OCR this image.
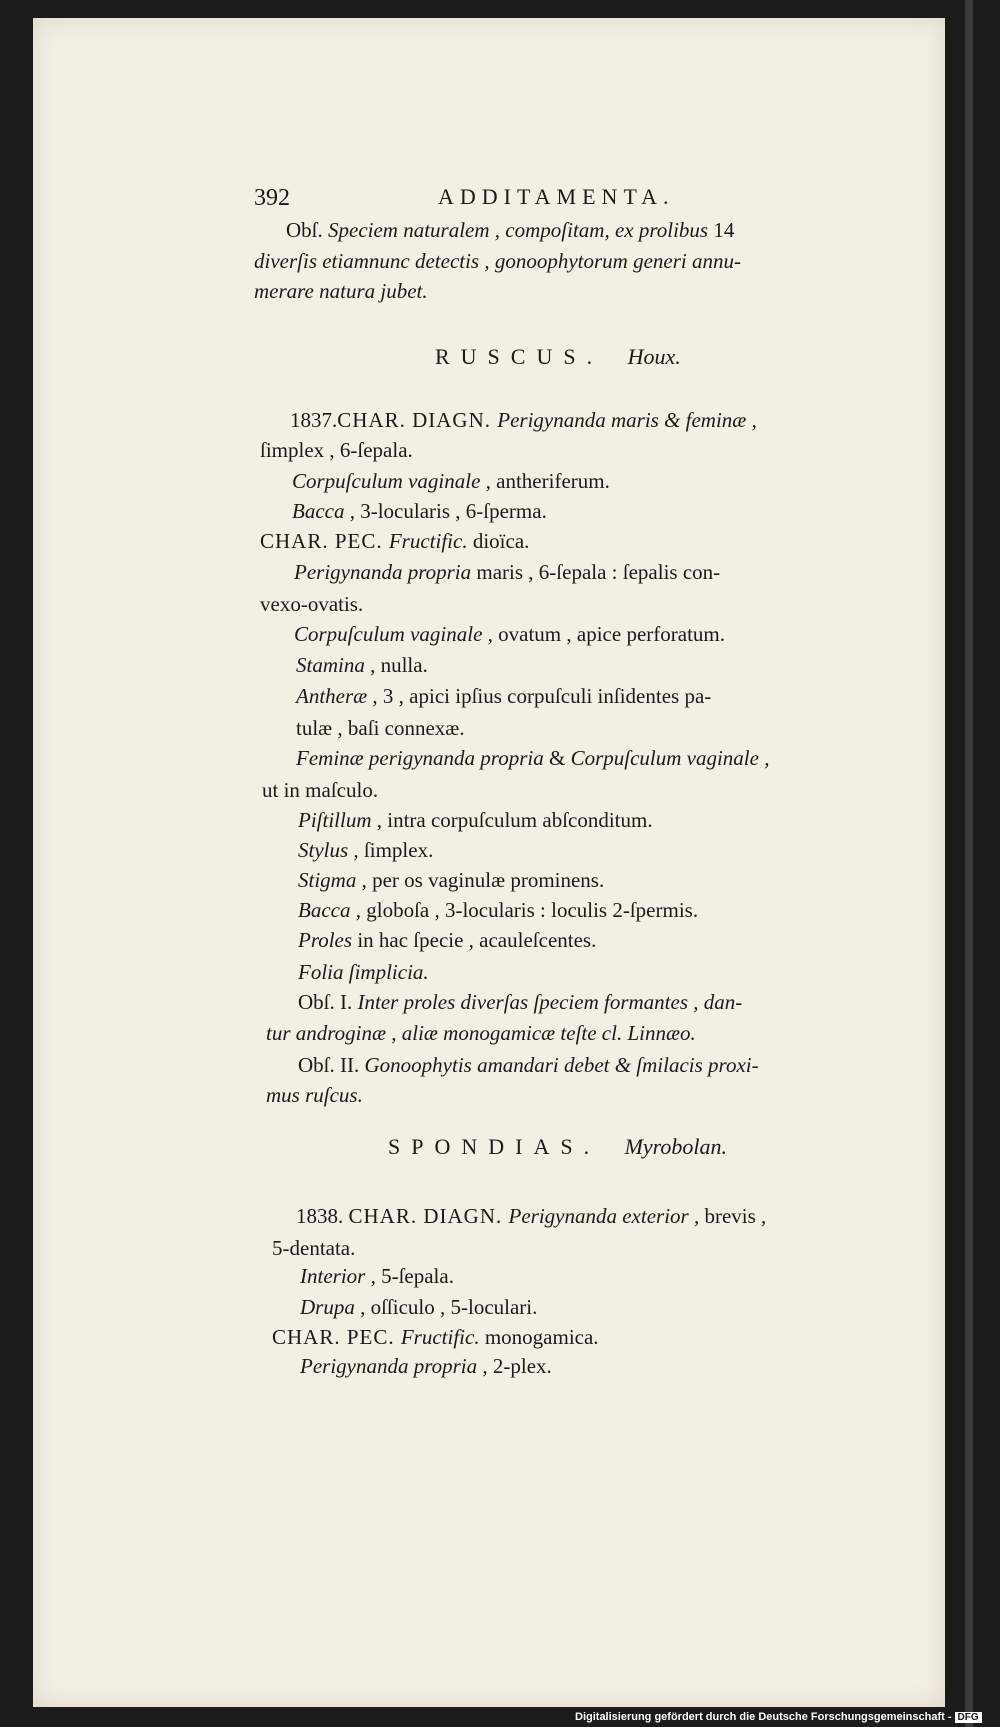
392	ADDITAMENTA.
RUSCUS. Houx.
SPONDIAS. Myrobolan.
Obſ. Speciem naturalem , compoſitam, ex prolibus 14
diverſis etiamnunc detectis , gonoophytorum generi annu-
merare natura jubet.
1837.CHAR. DIAGN. Perigynanda maris & feminæ ,
ſimplex , 6-ſepala.
Corpuſculum vaginale , antheriferum.
Bacca , 3-locularis , 6-ſperma.
CHAR. PEC. Fructific. dioïca.
Perigynanda propria maris , 6-ſepala : ſepalis con-
vexo-ovatis.
Corpuſculum vaginale , ovatum , apice perforatum.
Stamina , nulla.
Antheræ , 3 , apici ipſius corpuſculi inſidentes pa-
tulæ , baſi connexæ.
Feminæ perigynanda propria & Corpuſculum vaginale ,
ut in maſculo.
Piſtillum , intra corpuſculum abſconditum.
Stylus , ſimplex.
Stigma , per os vaginulæ prominens.
Bacca , globoſa , 3-locularis : loculis 2-ſpermis.
Proles in hac ſpecie , acauleſcentes.
Folia ſimplicia.
Obſ. I. Inter proles diverſas ſpeciem formantes , dan-
tur androginæ , aliæ monogamicæ teſte cl. Linnæo.
Obſ. II. Gonoophytis amandari debet & ſmilacis proxi-
mus ruſcus.
1838. CHAR. DIAGN. Perigynanda exterior , brevis ,
5-dentata.
Interior , 5-ſepala.
Drupa , oſſiculo , 5-loculari.
CHAR. PEC. Fructific. monogamica.
Perigynanda propria , 2-plex.
Digitalisierung gefördert durch die Deutsche Forschungsgemeinschaft - DFG
